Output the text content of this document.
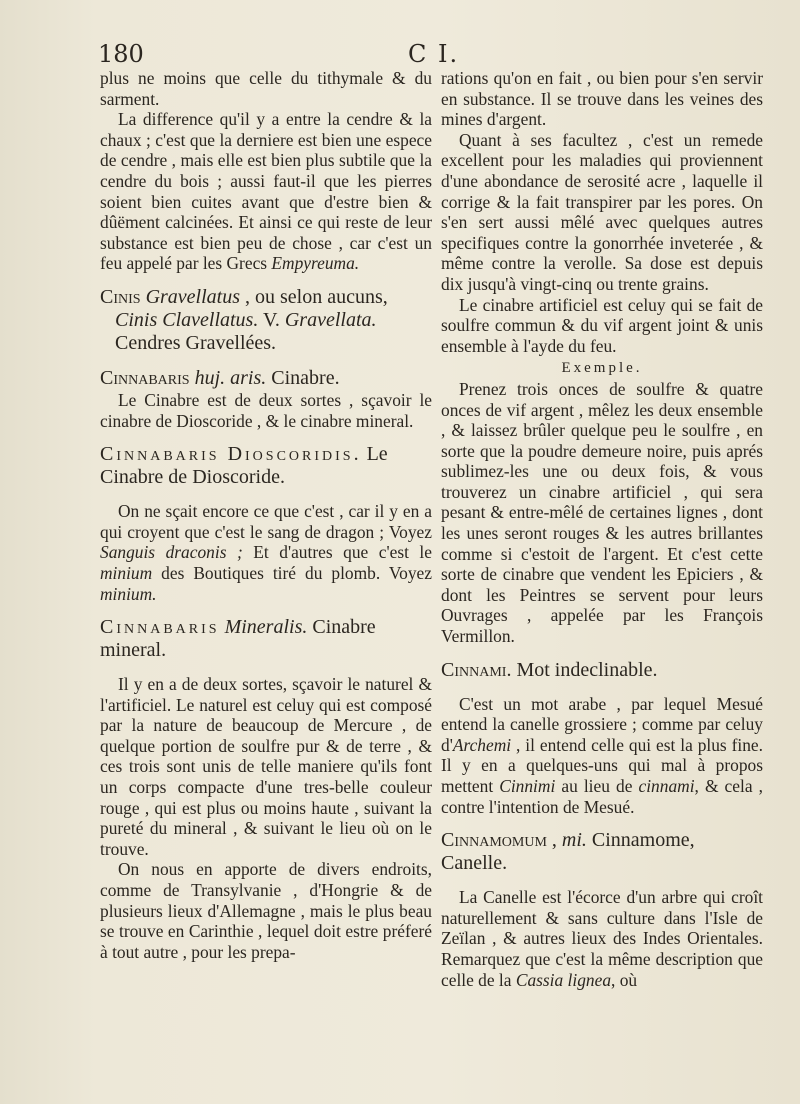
180	C I.

plus ne moins que celle du tithymale & du sarment.

La difference qu'il y a entre la cendre & la chaux ; c'est que la derniere est bien une espece de cendre , mais elle est bien plus subtile que la cendre du bois ; aussi faut-il que les pierres soient bien cuites avant que d'estre bien & dûëment calcinées. Et ainsi ce qui reste de leur substance est bien peu de chose , car c'est un feu appelé par les Grecs Empyreuma.

Cinis Gravellatus , ou selon aucuns,
Cinis Clavellatus. V. Gravellata.
Cendres Gravellées.

Cinnabaris huj. aris. Cinabre.

Le Cinabre est de deux sortes , sçavoir le cinabre de Dioscoride , & le cinabre mineral.

Cinnabaris Dioscoridis. Le Cinabre de Dioscoride.

On ne sçait encore ce que c'est , car il y en a qui croyent que c'est le sang de dragon ; Voyez Sanguis draconis ; Et d'autres que c'est le minium des Boutiques tiré du plomb. Voyez minium.

Cinnabaris Mineralis. Cinabre mineral.

Il y en a de deux sortes, sçavoir le naturel & l'artificiel. Le naturel est celuy qui est composé par la nature de beaucoup de Mercure , de quelque portion de soulfre pur & de terre , & ces trois sont unis de telle maniere qu'ils font un corps compacte d'une tres-belle couleur rouge , qui est plus ou moins haute , suivant la pureté du mineral , & suivant le lieu où on le trouve.

On nous en apporte de divers endroits, comme de Transylvanie , d'Hongrie & de plusieurs lieux d'Allemagne , mais le plus beau se trouve en Carinthie , lequel doit estre préferé à tout autre , pour les prepa-

rations qu'on en fait , ou bien pour s'en servir en substance. Il se trouve dans les veines des mines d'argent.

Quant à ses facultez , c'est un remede excellent pour les maladies qui proviennent d'une abondance de serosité acre , laquelle il corrige & la fait transpirer par les pores. On s'en sert aussi mêlé avec quelques autres specifiques contre la gonorrhée inveterée , & même contre la verolle. Sa dose est depuis dix jusqu'à vingt-cinq ou trente grains.

Le cinabre artificiel est celuy qui se fait de soulfre commun & du vif argent joint & unis ensemble à l'ayde du feu.

Exemple.

Prenez trois onces de soulfre & quatre onces de vif argent , mêlez les deux ensemble , & laissez brûler quelque peu le soulfre , en sorte que la poudre demeure noire, puis aprés sublimez-les une ou deux fois, & vous trouverez un cinabre artificiel , qui sera pesant & entre-mêlé de certaines lignes , dont les unes seront rouges & les autres brillantes comme si c'estoit de l'argent. Et c'est cette sorte de cinabre que vendent les Epiciers , & dont les Peintres se servent pour leurs Ouvrages , appelée par les François Vermillon.

Cinnami. Mot indeclinable.

C'est un mot arabe , par lequel Mesué entend la canelle grossiere ; comme par celuy d'Archemi , il entend celle qui est la plus fine. Il y en a quelques-uns qui mal à propos mettent Cinnimi au lieu de cinnami, & cela , contre l'intention de Mesué.

Cinnamomum , mi. Cinnamome, Canelle.

La Canelle est l'écorce d'un arbre qui croît naturellement & sans culture dans l'Isle de Zeïlan , & autres lieux des Indes Orientales. Remarquez que c'est la même description que celle de la Cassia lignea, où
